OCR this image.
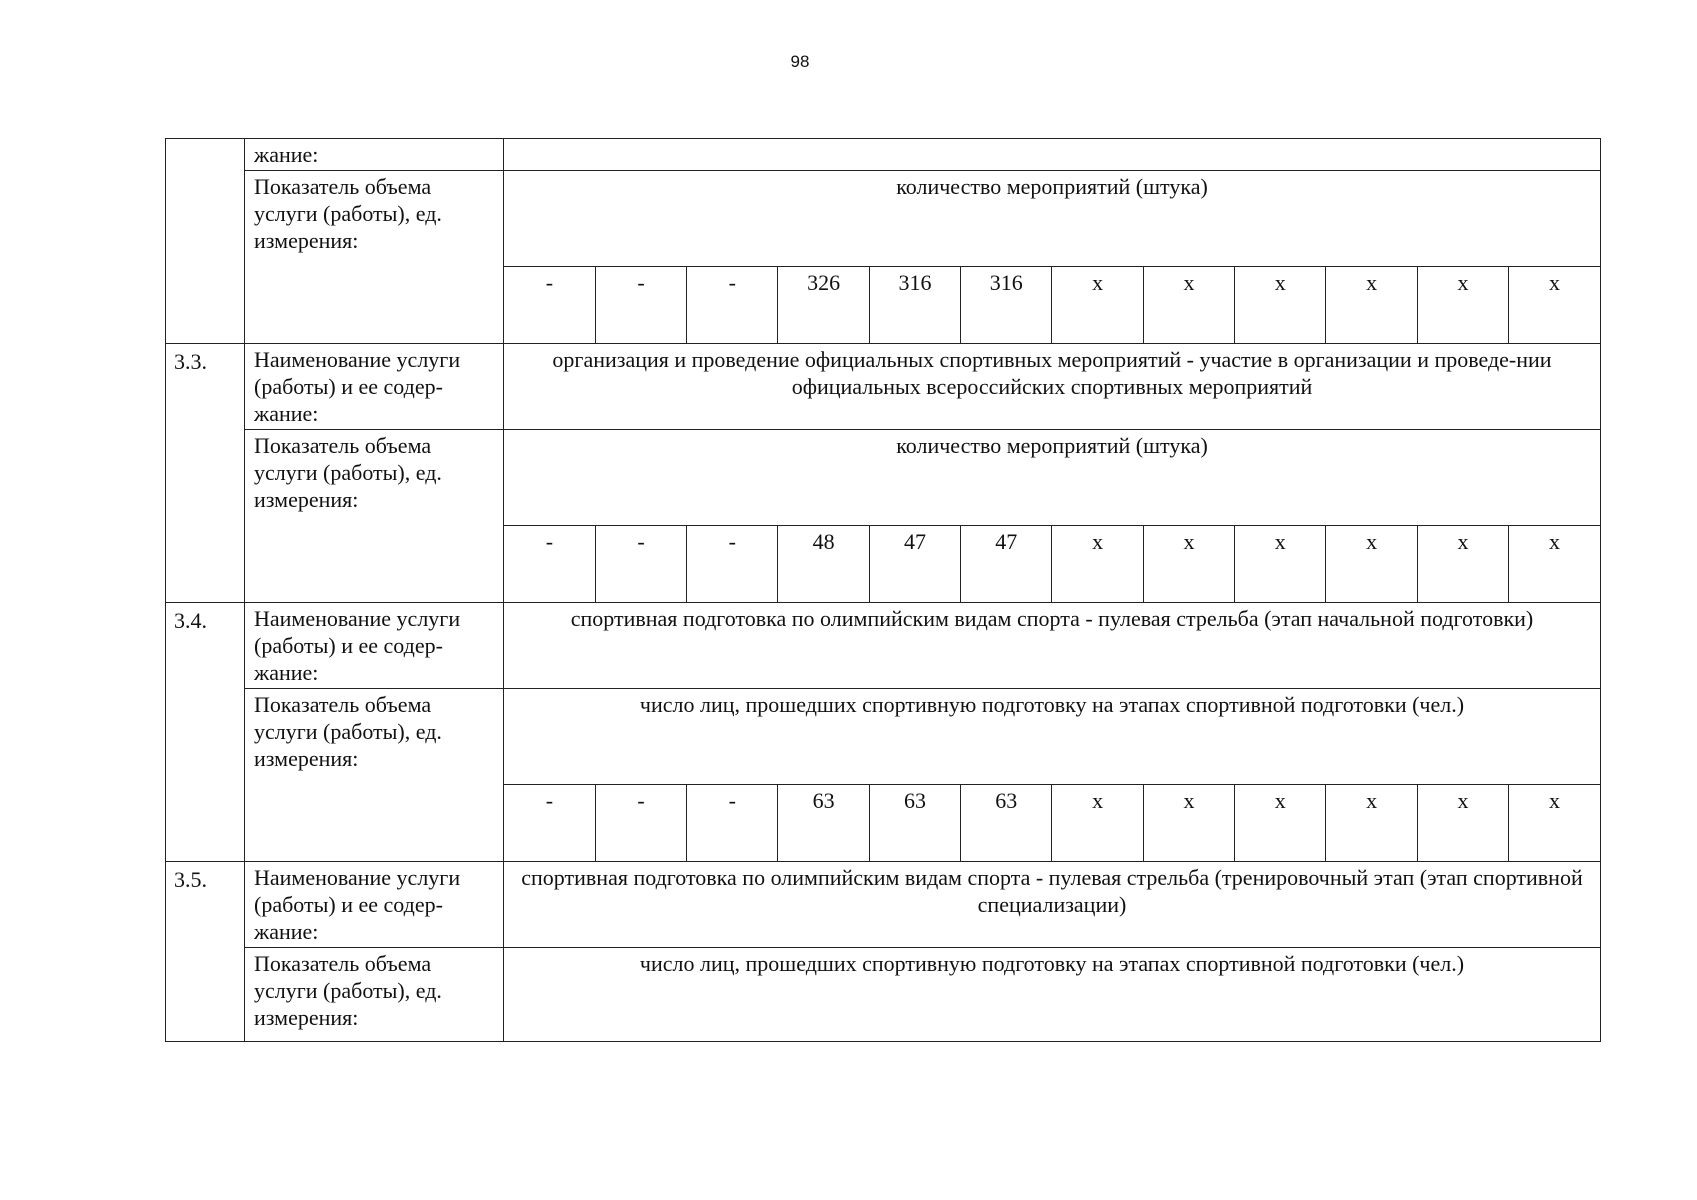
98
	жание:	
Показатель объема услуги (работы), ед. измерения:	количество мероприятий (штука)

-	-	-	326	316	316	х	х	х	х	х	х

3.3.	Наименование услуги (работы) и ее содер-жание:	организация и проведение официальных спортивных мероприятий - участие в организации и проведе-нии официальных всероссийских спортивных мероприятий
Показатель объема услуги (работы), ед. измерения:	количество мероприятий (штука)

-	-	-	48	47	47	х	х	х	х	х	х

3.4.	Наименование услуги (работы) и ее содер-жание:	спортивная подготовка по олимпийским видам спорта - пулевая стрельба (этап начальной подготовки)
Показатель объема услуги (работы), ед. измерения:	число лиц, прошедших спортивную подготовку на этапах спортивной подготовки (чел.)

-	-	-	63	63	63	х	х	х	х	х	х

3.5.	Наименование услуги (работы) и ее содер-жание:	спортивная подготовка по олимпийским видам спорта - пулевая стрельба (тренировочный этап (этап спортивной специализации)
Показатель объема услуги (работы), ед. измерения:	число лиц, прошедших спортивную подготовку на этапах спортивной подготовки (чел.)
